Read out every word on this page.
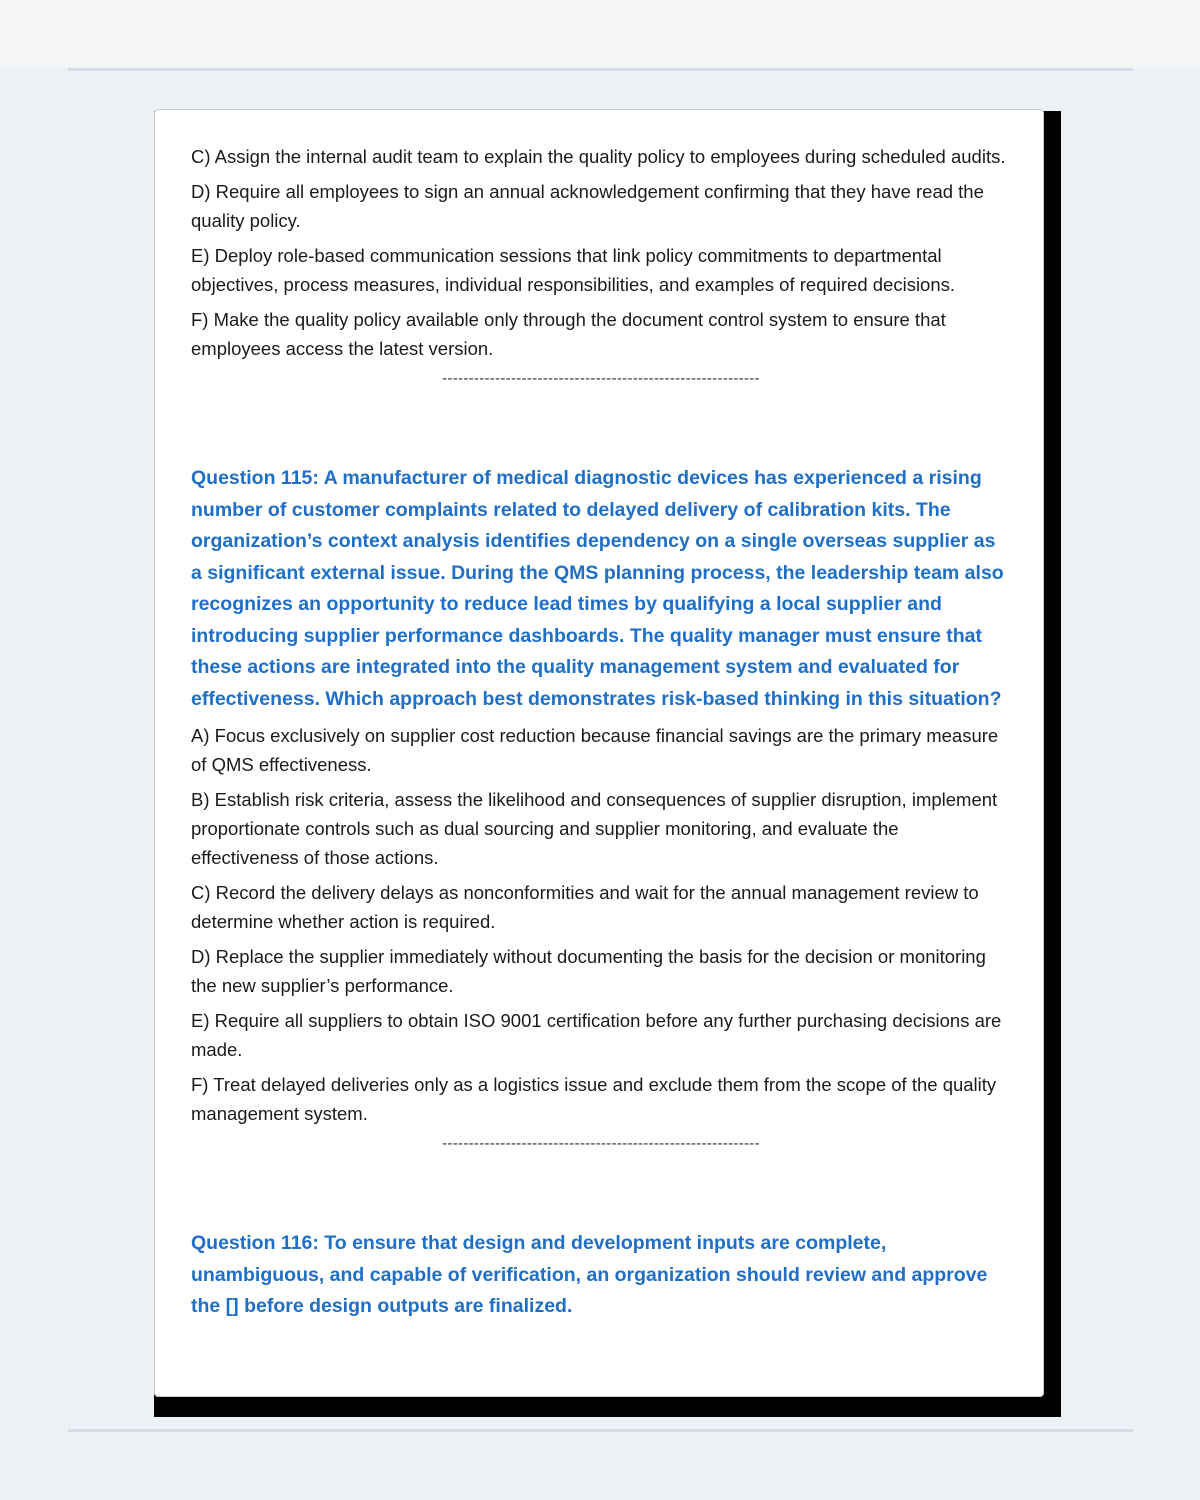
C) Assign the internal audit team to explain the quality policy to employees during scheduled audits.

D) Require all employees to sign an annual acknowledgement confirming that they have read the quality policy.

E) Deploy role-based communication sessions that link policy commitments to departmental objectives, process measures, individual responsibilities, and examples of required decisions.

F) Make the quality policy available only through the document control system to ensure that employees access the latest version.

------------------------------------------------------------

Question 115: A manufacturer of medical diagnostic devices has experienced a rising number of customer complaints related to delayed delivery of calibration kits. The organization’s context analysis identifies dependency on a single overseas supplier as a significant external issue. During the QMS planning process, the leadership team also recognizes an opportunity to reduce lead times by qualifying a local supplier and introducing supplier performance dashboards. The quality manager must ensure that these actions are integrated into the quality management system and evaluated for effectiveness. Which approach best demonstrates risk-based thinking in this situation?

A) Focus exclusively on supplier cost reduction because financial savings are the primary measure of QMS effectiveness.

B) Establish risk criteria, assess the likelihood and consequences of supplier disruption, implement proportionate controls such as dual sourcing and supplier monitoring, and evaluate the effectiveness of those actions.

C) Record the delivery delays as nonconformities and wait for the annual management review to determine whether action is required.

D) Replace the supplier immediately without documenting the basis for the decision or monitoring the new supplier’s performance.

E) Require all suppliers to obtain ISO 9001 certification before any further purchasing decisions are made.

F) Treat delayed deliveries only as a logistics issue and exclude them from the scope of the quality management system.

------------------------------------------------------------

Question 116: To ensure that design and development inputs are complete, unambiguous, and capable of verification, an organization should review and approve the [] before design outputs are finalized.
